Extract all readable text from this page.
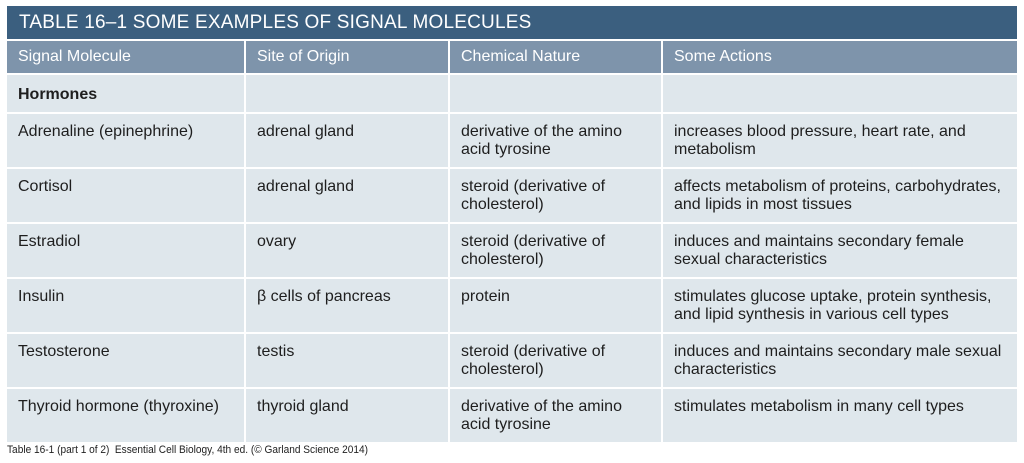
TABLE 16–1 SOME EXAMPLES OF SIGNAL MOLECULES
Signal Molecule	Site of Origin	Chemical Nature	Some Actions
Hormones			
Adrenaline (epinephrine)	adrenal gland	derivative of the amino acid tyrosine	increases blood pressure, heart rate, and metabolism
Cortisol	adrenal gland	steroid (derivative of cholesterol)	affects metabolism of proteins, carbohydrates, and lipids in most tissues
Estradiol	ovary	steroid (derivative of cholesterol)	induces and maintains secondary female sexual characteristics
Insulin	β cells of pancreas	protein	stimulates glucose uptake, protein synthesis, and lipid synthesis in various cell types
Testosterone	testis	steroid (derivative of cholesterol)	induces and maintains secondary male sexual characteristics
Thyroid hormone (thyroxine)	thyroid gland	derivative of the amino acid tyrosine	stimulates metabolism in many cell types
Table 16-1 (part 1 of 2) Essential Cell Biology, 4th ed. (© Garland Science 2014)
